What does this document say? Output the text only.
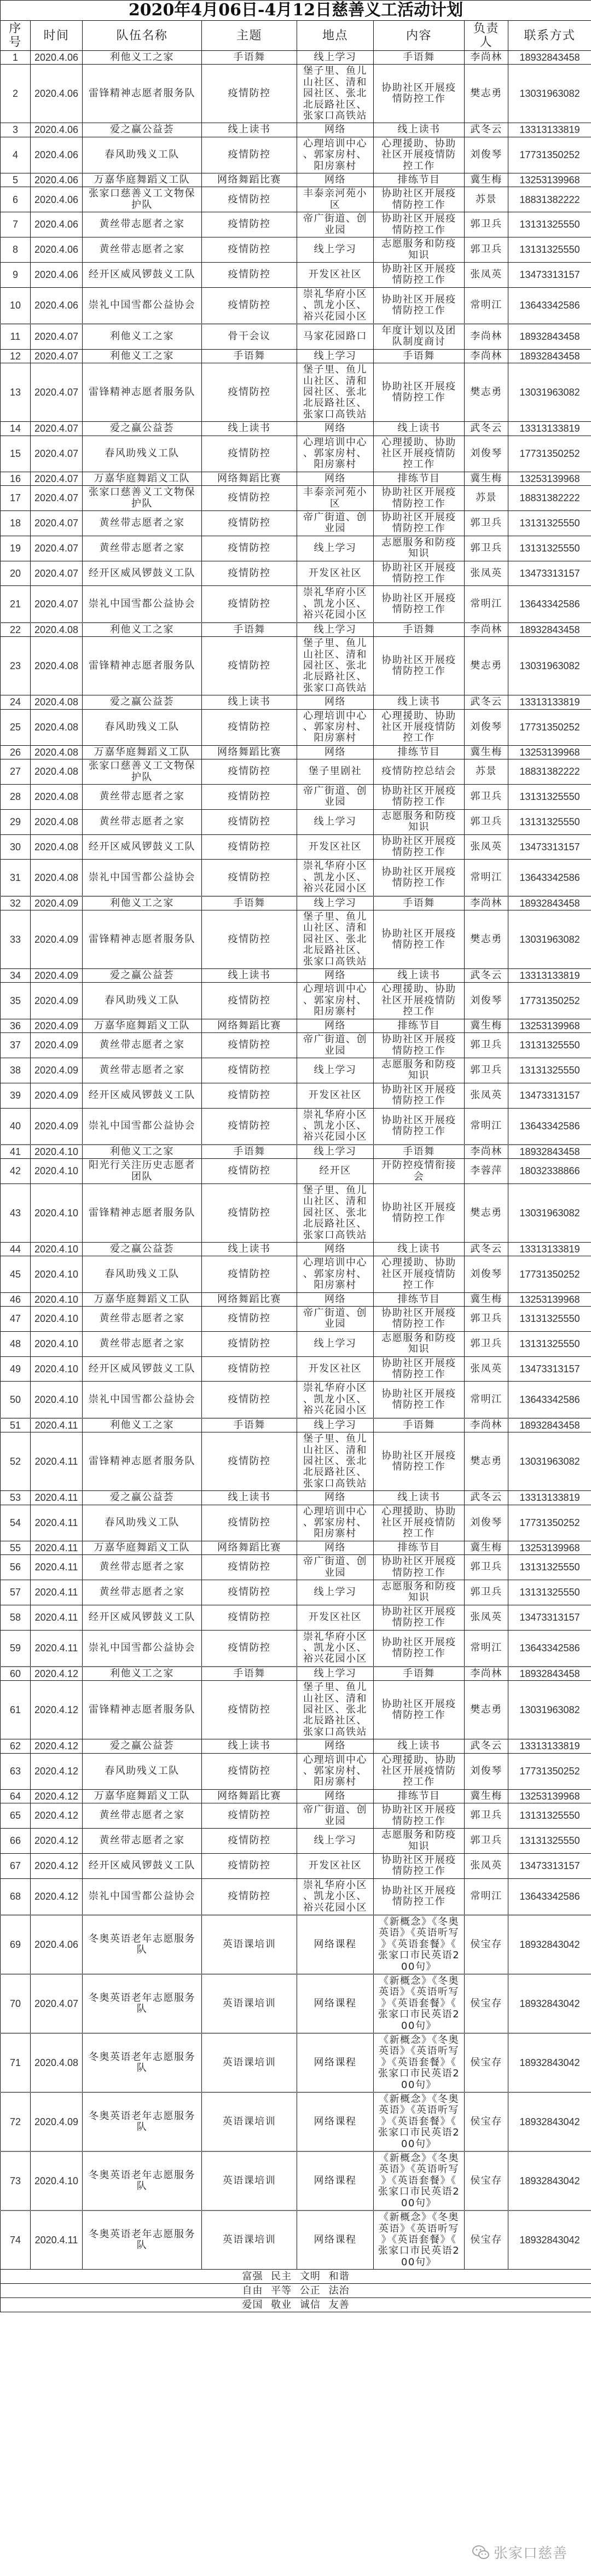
2020年4月06日-4月12日慈善义工活动计划							
序号	时间	队伍名称	主题	地点	内容	负责人	联系方式
1	2020.4.06	利他义工之家	手语舞	线上学习	手语舞	李尚林	18932843458
2	2020.4.06	雷锋精神志愿者服务队	疫情防控	堡子里、鱼儿山社区、清和园社区、张北北辰路社区、张家口高铁站	协助社区开展疫情防控工作	樊志勇	13031963082
3	2020.4.06	爱之赢公益荟	线上读书	网络	线上读书	武冬云	13313133819
4	2020.4.06	春风助残义工队	疫情防控	心理培训中心、郭家房村、阳房寨村	心理援助、协助社区开展疫情防控工作	刘俊琴	17731350252
5	2020.4.06	万嘉华庭舞蹈义工队	网络舞蹈比赛	网络	排练节目	冀生梅	13253139968
6	2020.4.06	张家口慈善义工文物保护队	疫情防控	丰泰亲河苑小区	协助社区开展疫情防控工作	苏景	18831382222
7	2020.4.06	黄丝带志愿者之家	疫情防控	帝广街道、创业园	协助社区开展疫情防控工作	郭卫兵	13131325550
8	2020.4.06	黄丝带志愿者之家	疫情防控	线上学习	志愿服务和防疫知识	郭卫兵	13131325550
9	2020.4.06	经开区威风锣鼓义工队	疫情防控	开发区社区	协助社区开展疫情防控工作	张凤英	13473313157
10	2020.4.06	崇礼中国雪都公益协会	疫情防控	崇礼华府小区、凯龙小区、裕兴花园小区	协助社区开展疫情防控工作	常明江	13643342586
11	2020.4.07	利他义工之家	骨干会议	马家花园路口	年度计划以及团队制度商讨	李尚林	18932843458
12	2020.4.07	利他义工之家	手语舞	线上学习	手语舞	李尚林	18932843458
13	2020.4.07	雷锋精神志愿者服务队	疫情防控	堡子里、鱼儿山社区、清和园社区、张北北辰路社区、张家口高铁站	协助社区开展疫情防控工作	樊志勇	13031963082
14	2020.4.07	爱之赢公益荟	线上读书	网络	线上读书	武冬云	13313133819
15	2020.4.07	春风助残义工队	疫情防控	心理培训中心、郭家房村、阳房寨村	心理援助、协助社区开展疫情防控工作	刘俊琴	17731350252
16	2020.4.07	万嘉华庭舞蹈义工队	网络舞蹈比赛	网络	排练节目	冀生梅	13253139968
17	2020.4.07	张家口慈善义工文物保护队	疫情防控	丰泰亲河苑小区	协助社区开展疫情防控工作	苏景	18831382222
18	2020.4.07	黄丝带志愿者之家	疫情防控	帝广街道、创业园	协助社区开展疫情防控工作	郭卫兵	13131325550
19	2020.4.07	黄丝带志愿者之家	疫情防控	线上学习	志愿服务和防疫知识	郭卫兵	13131325550
20	2020.4.07	经开区威风锣鼓义工队	疫情防控	开发区社区	协助社区开展疫情防控工作	张凤英	13473313157
21	2020.4.07	崇礼中国雪都公益协会	疫情防控	崇礼华府小区、凯龙小区、裕兴花园小区	协助社区开展疫情防控工作	常明江	13643342586
22	2020.4.08	利他义工之家	手语舞	线上学习	手语舞	李尚林	18932843458
23	2020.4.08	雷锋精神志愿者服务队	疫情防控	堡子里、鱼儿山社区、清和园社区、张北北辰路社区、张家口高铁站	协助社区开展疫情防控工作	樊志勇	13031963082
24	2020.4.08	爱之赢公益荟	线上读书	网络	线上读书	武冬云	13313133819
25	2020.4.08	春风助残义工队	疫情防控	心理培训中心、郭家房村、阳房寨村	心理援助、协助社区开展疫情防控工作	刘俊琴	17731350252
26	2020.4.08	万嘉华庭舞蹈义工队	网络舞蹈比赛	网络	排练节目	冀生梅	13253139968
27	2020.4.08	张家口慈善义工文物保护队	疫情防控	堡子里剧社	疫情防控总结会	苏景	18831382222
28	2020.4.08	黄丝带志愿者之家	疫情防控	帝广街道、创业园	协助社区开展疫情防控工作	郭卫兵	13131325550
29	2020.4.08	黄丝带志愿者之家	疫情防控	线上学习	志愿服务和防疫知识	郭卫兵	13131325550
30	2020.4.08	经开区威风锣鼓义工队	疫情防控	开发区社区	协助社区开展疫情防控工作	张凤英	13473313157
31	2020.4.08	崇礼中国雪都公益协会	疫情防控	崇礼华府小区、凯龙小区、裕兴花园小区	协助社区开展疫情防控工作	常明江	13643342586
32	2020.4.09	利他义工之家	手语舞	线上学习	手语舞	李尚林	18932843458
33	2020.4.09	雷锋精神志愿者服务队	疫情防控	堡子里、鱼儿山社区、清和园社区、张北北辰路社区、张家口高铁站	协助社区开展疫情防控工作	樊志勇	13031963082
34	2020.4.09	爱之赢公益荟	线上读书	网络	线上读书	武冬云	13313133819
35	2020.4.09	春风助残义工队	疫情防控	心理培训中心、郭家房村、阳房寨村	心理援助、协助社区开展疫情防控工作	刘俊琴	17731350252
36	2020.4.09	万嘉华庭舞蹈义工队	网络舞蹈比赛	网络	排练节目	冀生梅	13253139968
37	2020.4.09	黄丝带志愿者之家	疫情防控	帝广街道、创业园	协助社区开展疫情防控工作	郭卫兵	13131325550
38	2020.4.09	黄丝带志愿者之家	疫情防控	线上学习	志愿服务和防疫知识	郭卫兵	13131325550
39	2020.4.09	经开区威风锣鼓义工队	疫情防控	开发区社区	协助社区开展疫情防控工作	张凤英	13473313157
40	2020.4.09	崇礼中国雪都公益协会	疫情防控	崇礼华府小区、凯龙小区、裕兴花园小区	协助社区开展疫情防控工作	常明江	13643342586
41	2020.4.10	利他义工之家	手语舞	线上学习	手语舞	李尚林	18932843458
42	2020.4.10	阳光行关注历史志愿者团队	疫情防控	经开区	开防控疫情衔接会	李蓉萍	18032338866
43	2020.4.10	雷锋精神志愿者服务队	疫情防控	堡子里、鱼儿山社区、清和园社区、张北北辰路社区、张家口高铁站	协助社区开展疫情防控工作	樊志勇	13031963082
44	2020.4.10	爱之赢公益荟	线上读书	网络	线上读书	武冬云	13313133819
45	2020.4.10	春风助残义工队	疫情防控	心理培训中心、郭家房村、阳房寨村	心理援助、协助社区开展疫情防控工作	刘俊琴	17731350252
46	2020.4.10	万嘉华庭舞蹈义工队	网络舞蹈比赛	网络	排练节目	冀生梅	13253139968
47	2020.4.10	黄丝带志愿者之家	疫情防控	帝广街道、创业园	协助社区开展疫情防控工作	郭卫兵	13131325550
48	2020.4.10	黄丝带志愿者之家	疫情防控	线上学习	志愿服务和防疫知识	郭卫兵	13131325550
49	2020.4.10	经开区威风锣鼓义工队	疫情防控	开发区社区	协助社区开展疫情防控工作	张凤英	13473313157
50	2020.4.10	崇礼中国雪都公益协会	疫情防控	崇礼华府小区、凯龙小区、裕兴花园小区	协助社区开展疫情防控工作	常明江	13643342586
51	2020.4.11	利他义工之家	手语舞	线上学习	手语舞	李尚林	18932843458
52	2020.4.11	雷锋精神志愿者服务队	疫情防控	堡子里、鱼儿山社区、清和园社区、张北北辰路社区、张家口高铁站	协助社区开展疫情防控工作	樊志勇	13031963082
53	2020.4.11	爱之赢公益荟	线上读书	网络	线上读书	武冬云	13313133819
54	2020.4.11	春风助残义工队	疫情防控	心理培训中心、郭家房村、阳房寨村	心理援助、协助社区开展疫情防控工作	刘俊琴	17731350252
55	2020.4.11	万嘉华庭舞蹈义工队	网络舞蹈比赛	网络	排练节目	冀生梅	13253139968
56	2020.4.11	黄丝带志愿者之家	疫情防控	帝广街道、创业园	协助社区开展疫情防控工作	郭卫兵	13131325550
57	2020.4.11	黄丝带志愿者之家	疫情防控	线上学习	志愿服务和防疫知识	郭卫兵	13131325550
58	2020.4.11	经开区威风锣鼓义工队	疫情防控	开发区社区	协助社区开展疫情防控工作	张凤英	13473313157
59	2020.4.11	崇礼中国雪都公益协会	疫情防控	崇礼华府小区、凯龙小区、裕兴花园小区	协助社区开展疫情防控工作	常明江	13643342586
60	2020.4.12	利他义工之家	手语舞	线上学习	手语舞	李尚林	18932843458
61	2020.4.12	雷锋精神志愿者服务队	疫情防控	堡子里、鱼儿山社区、清和园社区、张北北辰路社区、张家口高铁站	协助社区开展疫情防控工作	樊志勇	13031963082
62	2020.4.12	爱之赢公益荟	线上读书	网络	线上读书	武冬云	13313133819
63	2020.4.12	春风助残义工队	疫情防控	心理培训中心、郭家房村、阳房寨村	心理援助、协助社区开展疫情防控工作	刘俊琴	17731350252
64	2020.4.12	万嘉华庭舞蹈义工队	网络舞蹈比赛	网络	排练节目	冀生梅	13253139968
65	2020.4.12	黄丝带志愿者之家	疫情防控	帝广街道、创业园	协助社区开展疫情防控工作	郭卫兵	13131325550
66	2020.4.12	黄丝带志愿者之家	疫情防控	线上学习	志愿服务和防疫知识	郭卫兵	13131325550
67	2020.4.12	经开区威风锣鼓义工队	疫情防控	开发区社区	协助社区开展疫情防控工作	张凤英	13473313157
68	2020.4.12	崇礼中国雪都公益协会	疫情防控	崇礼华府小区、凯龙小区、裕兴花园小区	协助社区开展疫情防控工作	常明江	13643342586
69	2020.4.06	冬奥英语老年志愿服务队	英语课培训	网络课程	《新概念》《冬奥英语》《英语听写》《英语套餐》《张家口市民英语200句》	侯宝存	18932843042
70	2020.4.07	冬奥英语老年志愿服务队	英语课培训	网络课程	《新概念》《冬奥英语》《英语听写》《英语套餐》《张家口市民英语200句》	侯宝存	18932843042
71	2020.4.08	冬奥英语老年志愿服务队	英语课培训	网络课程	《新概念》《冬奥英语》《英语听写》《英语套餐》《张家口市民英语200句》	侯宝存	18932843042
72	2020.4.09	冬奥英语老年志愿服务队	英语课培训	网络课程	《新概念》《冬奥英语》《英语听写》《英语套餐》《张家口市民英语200句》	侯宝存	18932843042
73	2020.4.10	冬奥英语老年志愿服务队	英语课培训	网络课程	《新概念》《冬奥英语》《英语听写》《英语套餐》《张家口市民英语200句》	侯宝存	18932843042
74	2020.4.11	冬奥英语老年志愿服务队	英语课培训	网络课程	《新概念》《冬奥英语》《英语听写》《英语套餐》《张家口市民英语200句》	侯宝存	18932843042
富强 民主 文明 和谐							
自由 平等 公正 法治							
爱国 敬业 诚信 友善							
张家口慈善
